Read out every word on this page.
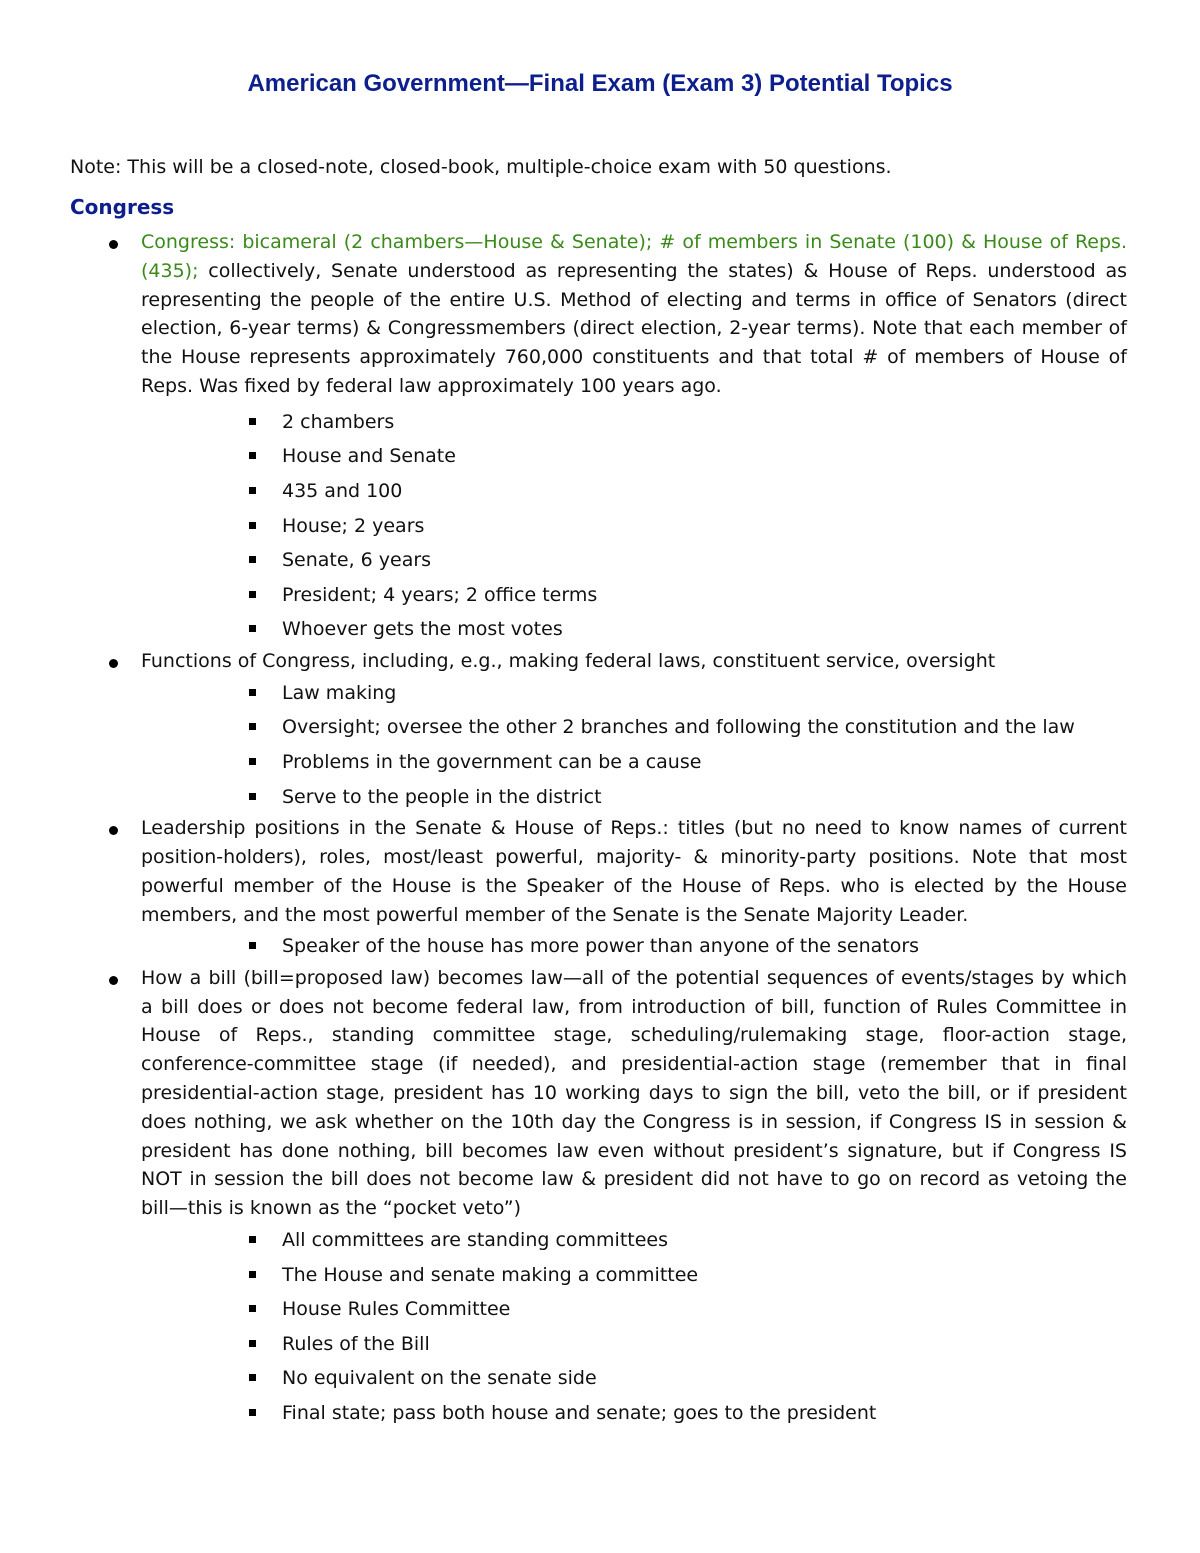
American Government—Final Exam (Exam 3) Potential Topics
Note: This will be a closed-note, closed-book, multiple-choice exam with 50 questions.
Congress
Congress: bicameral (2 chambers—House & Senate); # of members in Senate (100) & House of Reps. (435); collectively, Senate understood as representing the states) & House of Reps. understood as representing the people of the entire U.S. Method of electing and terms in office of Senators (direct election, 6-year terms) & Congressmembers (direct election, 2-year terms). Note that each member of the House represents approximately 760,000 constituents and that total # of members of House of Reps. Was fixed by federal law approximately 100 years ago.
2 chambers
House and Senate
435 and 100
House; 2 years
Senate, 6 years
President; 4 years; 2 office terms
Whoever gets the most votes
Functions of Congress, including, e.g., making federal laws, constituent service, oversight
Law making
Oversight; oversee the other 2 branches and following the constitution and the law
Problems in the government can be a cause
Serve to the people in the district
Leadership positions in the Senate & House of Reps.: titles (but no need to know names of current position-holders), roles, most/least powerful, majority- & minority-party positions. Note that most powerful member of the House is the Speaker of the House of Reps. who is elected by the House members, and the most powerful member of the Senate is the Senate Majority Leader.
Speaker of the house has more power than anyone of the senators
How a bill (bill=proposed law) becomes law—all of the potential sequences of events/stages by which a bill does or does not become federal law, from introduction of bill, function of Rules Committee in House of Reps., standing committee stage, scheduling/rulemaking stage, floor-action stage, conference-committee stage (if needed), and presidential-action stage (remember that in final presidential-action stage, president has 10 working days to sign the bill, veto the bill, or if president does nothing, we ask whether on the 10th day the Congress is in session, if Congress IS in session & president has done nothing, bill becomes law even without president’s signature, but if Congress IS NOT in session the bill does not become law & president did not have to go on record as vetoing the bill—this is known as the “pocket veto”)
All committees are standing committees
The House and senate making a committee
House Rules Committee
Rules of the Bill
No equivalent on the senate side
Final state; pass both house and senate; goes to the president
